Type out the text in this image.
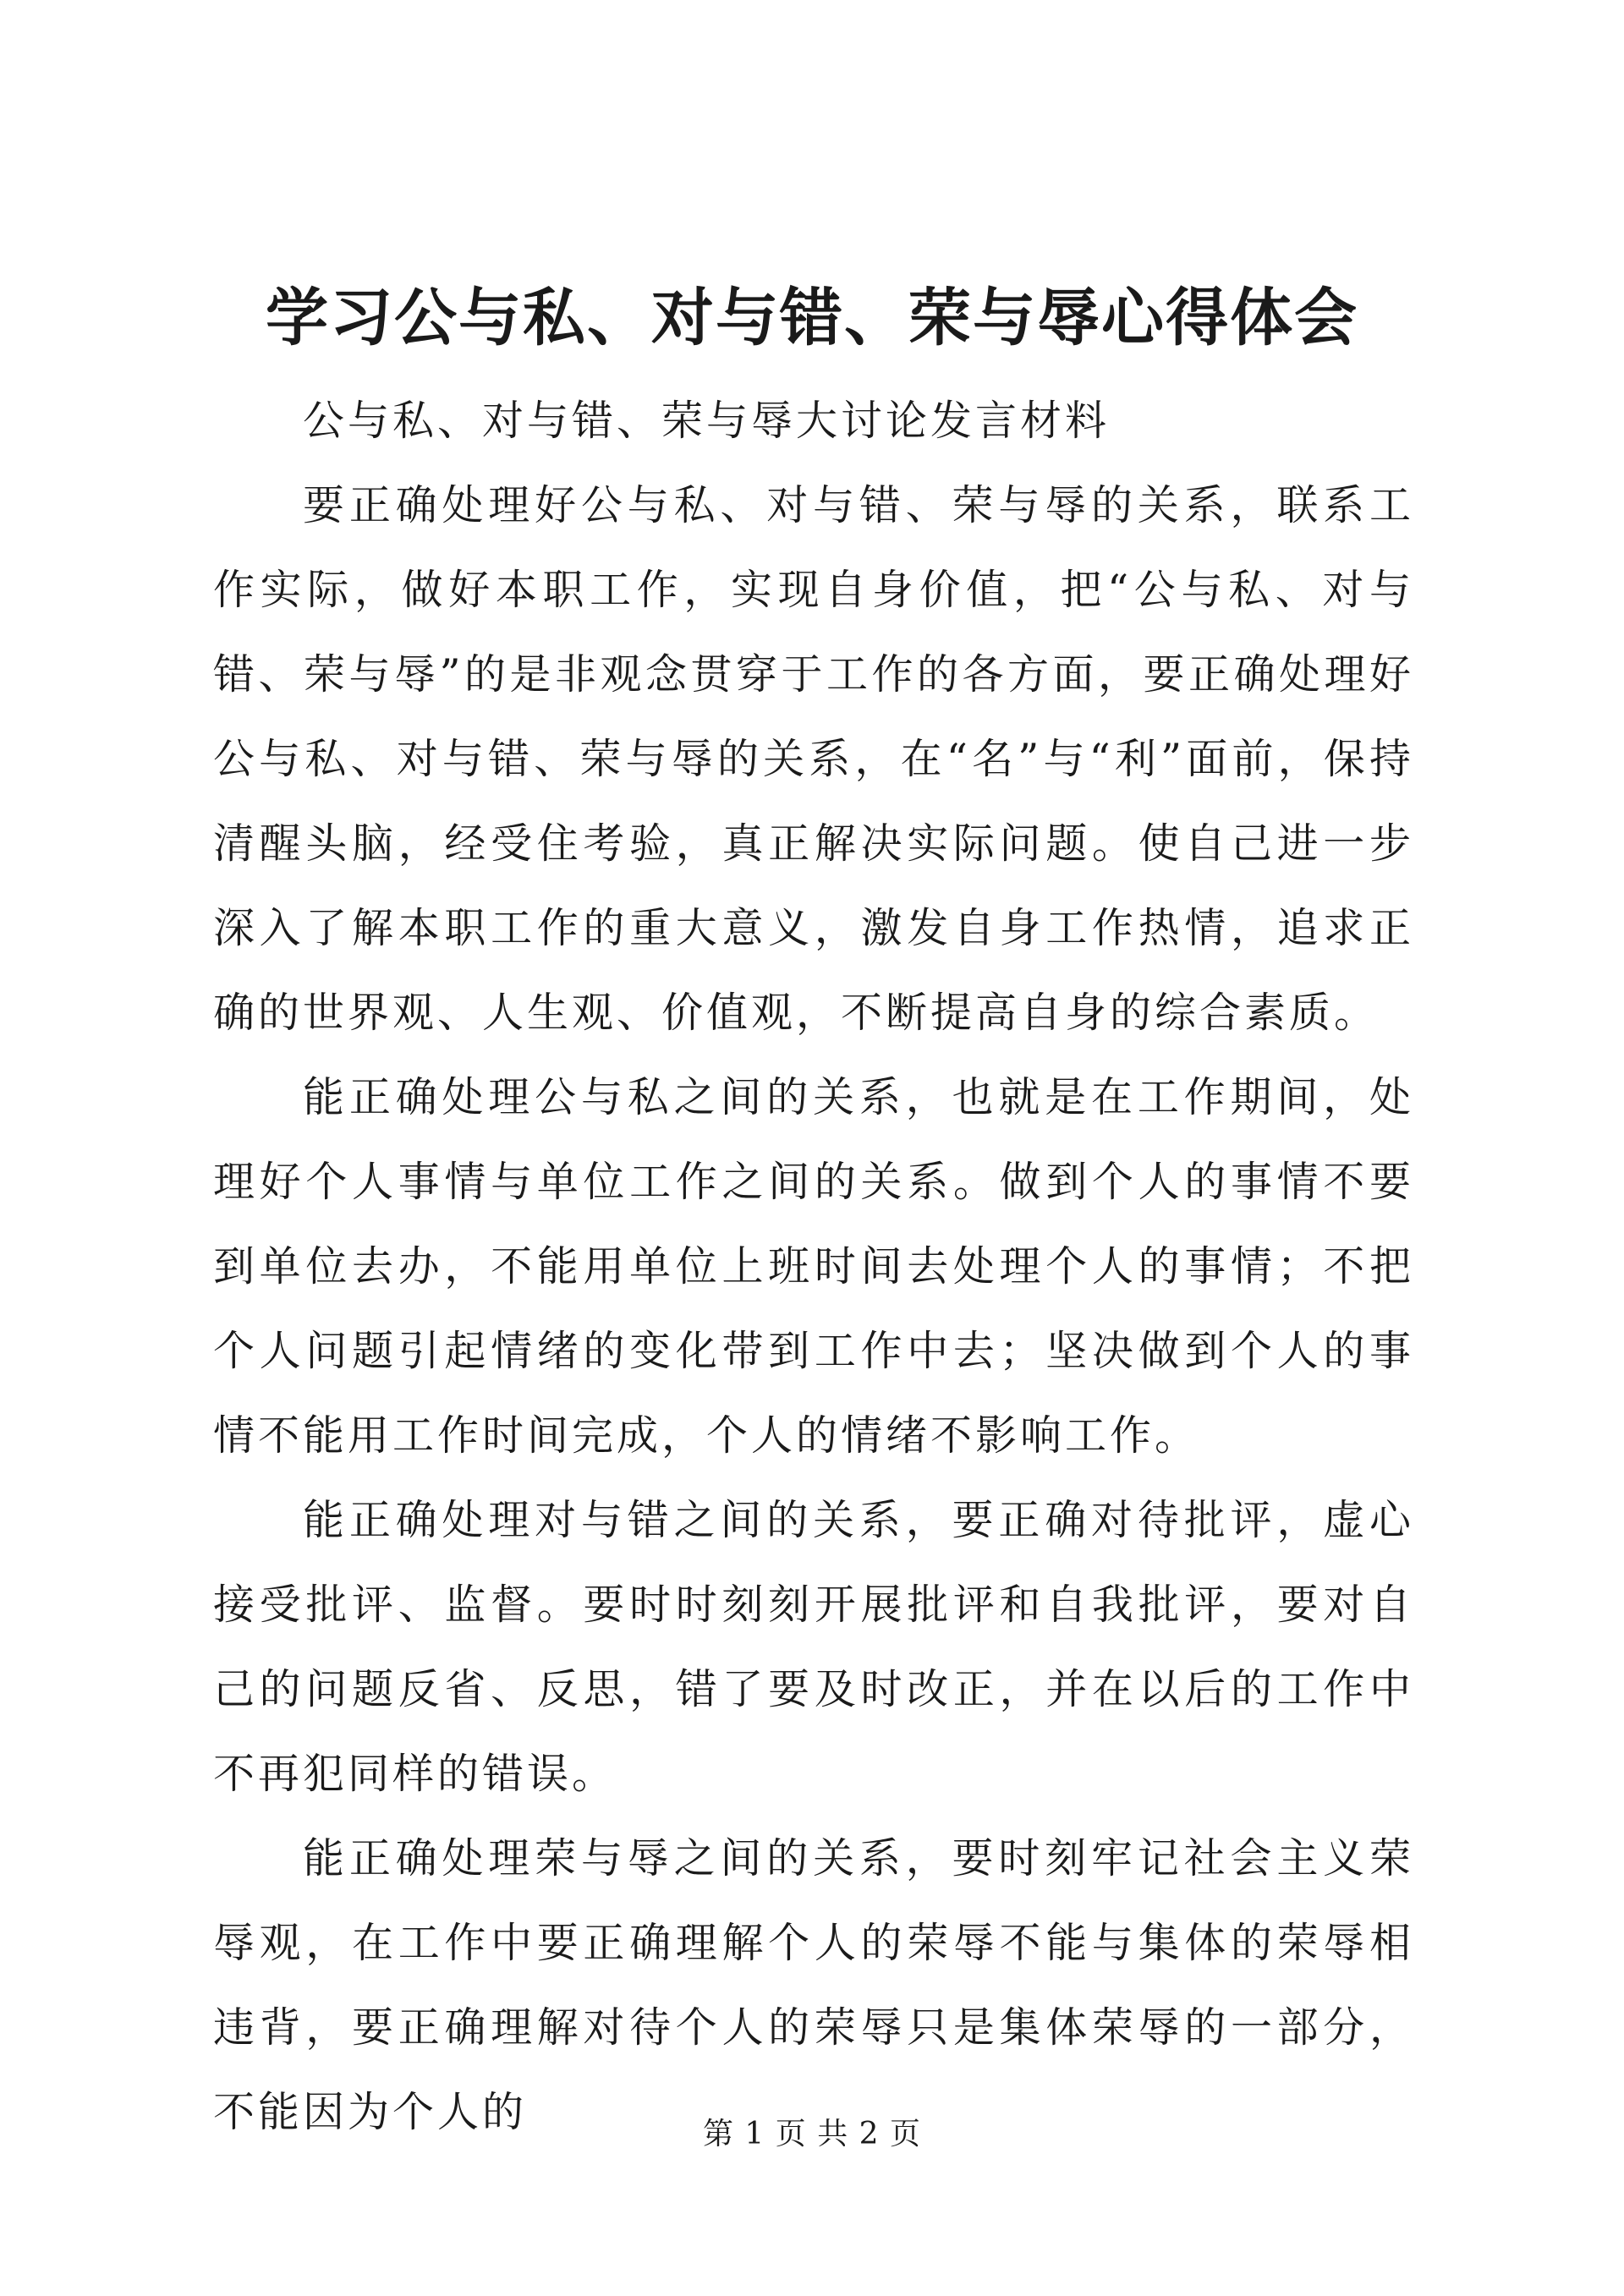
学习公与私、对与错、荣与辱心得体会

公与私、对与错、荣与辱大讨论发言材料

要正确处理好公与私、对与错、荣与辱的关系，联系工作实际，做好本职工作，实现自身价值，把“公与私、对与错、荣与辱”的是非观念贯穿于工作的各方面，要正确处理好公与私、对与错、荣与辱的关系，在“名”与“利”面前，保持清醒头脑，经受住考验，真正解决实际问题。使自己进一步深入了解本职工作的重大意义，激发自身工作热情，追求正确的世界观、人生观、价值观，不断提高自身的综合素质。

能正确处理公与私之间的关系，也就是在工作期间，处理好个人事情与单位工作之间的关系。做到个人的事情不要到单位去办，不能用单位上班时间去处理个人的事情；不把个人问题引起情绪的变化带到工作中去；坚决做到个人的事情不能用工作时间完成，个人的情绪不影响工作。

能正确处理对与错之间的关系，要正确对待批评，虚心接受批评、监督。要时时刻刻开展批评和自我批评，要对自己的问题反省、反思，错了要及时改正，并在以后的工作中不再犯同样的错误。

能正确处理荣与辱之间的关系，要时刻牢记社会主义荣辱观，在工作中要正确理解个人的荣辱不能与集体的荣辱相违背，要正确理解对待个人的荣辱只是集体荣辱的一部分，不能因为个人的	第 1 页 共 2 页
